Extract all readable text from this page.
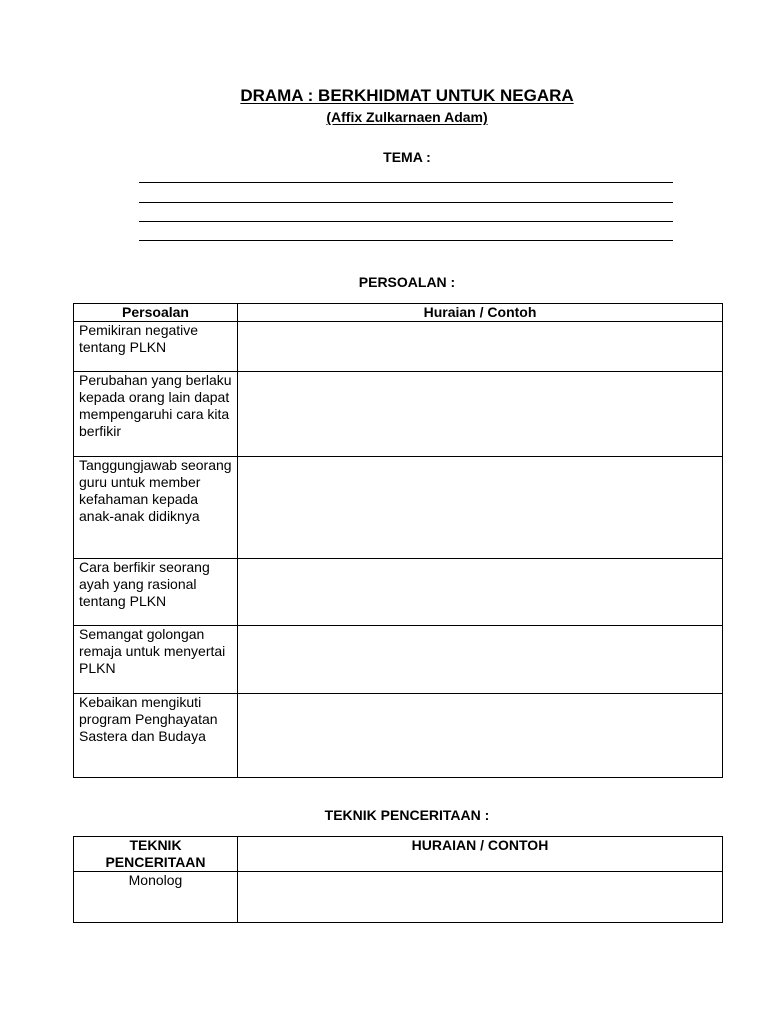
DRAMA : BERKHIDMAT UNTUK NEGARA
(Affix Zulkarnaen Adam)
TEMA :
PERSOALAN :
Persoalan	Huraian / Contoh
Pemikiran negative tentang PLKN	
Perubahan yang berlaku kepada orang lain dapat mempengaruhi cara kita berfikir	
Tanggungjawab seorang guru untuk member kefahaman kepada anak-anak didiknya	
Cara berfikir seorang ayah yang rasional tentang PLKN	
Semangat golongan remaja untuk menyertai PLKN	
Kebaikan mengikuti program Penghayatan Sastera dan Budaya	
TEKNIK PENCERITAAN :
TEKNIK PENCERITAAN	HURAIAN / CONTOH
Monolog	
